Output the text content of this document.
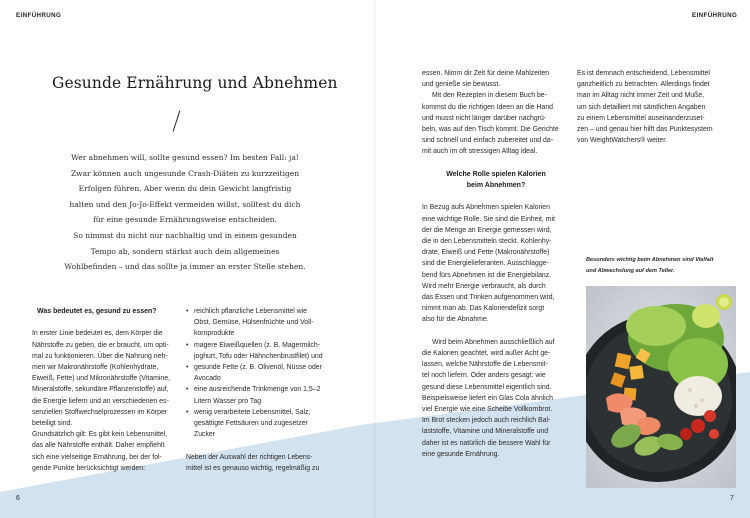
EINFÜHRUNG	EINFÜHRUNG
Gesunde Ernährung und Abnehmen
Wer abnehmen will, sollte gesund essen? Im besten Fall: ja!
Zwar können auch ungesunde Crash-Diäten zu kurzzeitigen
Erfolgen führen. Aber wenn du dein Gewicht langfristig
halten und den Jo-Jo-Effekt vermeiden willst, solltest du dich
für eine gesunde Ernährungsweise entscheiden.
So nimmst du nicht nur nachhaltig und in einem gesunden
Tempo ab, sondern stärkst auch dein allgemeines
Wohlbefinden – und das sollte ja immer an erster Stelle stehen.
Was bedeutet es, gesund zu essen?
In erster Linie bedeutet es, dem Körper die
Nährstoffe zu geben, die er braucht, um opti-
mal zu funktionieren. Über die Nahrung neh-
men wir Makronährstoffe (Kohlenhydrate,
Eiweiß, Fette) und Mikronährstoffe (Vitamine,
Mineralstoffe, sekundäre Pflanzenstoffe) auf,
die Energie liefern und an verschiedenen es-
senziellen Stoffwechselprozessen im Körper
beteiligt sind.
Grundsätzlich gilt: Es gibt kein Lebensmittel,
das alle Nährstoffe enthält. Daher empfiehlt
sich eine vielseitige Ernährung, bei der fol-
gende Punkte berücksichtigt werden:
• reichlich pflanzliche Lebensmittel wie
Obst, Gemüse, Hülsenfrüchte und Voll-
kornprodukte
• magere Eiweißquellen (z. B. Magermilch-
joghurt, Tofu oder Hähnchenbrustfilet) und
• gesunde Fette (z. B. Olivenöl, Nüsse oder
Avocado
• eine ausreichende Trinkmenge von 1,5–2
Litern Wasser pro Tag
• wenig verarbeitete Lebensmittel, Salz,
gesättigte Fettsäuren und zugesetzer
Zucker
Neben der Auswahl der richtigen Lebens-
mittel ist es genauso wichtig, regelmäßig zu
essen. Nimm dir Zeit für deine Mahlzeiten
und genieße sie bewusst.
Mit den Rezepten in diesem Buch be-
kommst du die richtigen Ideen an die Hand
und musst nicht länger darüber nachgrü-
beln, was auf den Tisch kommt. Die Gerichte
sind schnell und einfach zubereitet und da-
mit auch im oft stressigen Alltag ideal.
Welche Rolle spielen Kalorien
beim Abnehmen?
In Bezug aufs Abnehmen spielen Kalorien
eine wichtige Rolle. Sie sind die Einheit, mit
der die Menge an Energie gemessen wird,
die in den Lebensmitteln steckt. Kohlenhy-
drate, Eiweiß und Fette (Makronährstoffe)
sind die Energielieferanten. Ausschlagge-
bend fürs Abnehmen ist die Energiebilanz.
Wird mehr Energie verbraucht, als durch
das Essen und Trinken aufgenommen wird,
nimmt man ab. Das Kaloriendefizit sorgt
also für die Abnahme.
Wird beim Abnehmen ausschließlich auf
die Kalorien geachtet, wird außer Acht ge-
lassen, welche Nährstoffe die Lebensmit-
tel noch liefern. Oder anders gesagt: wie
gesund diese Lebensmittel eigentlich sind.
Beispielsweise liefert ein Glas Cola ähnlich
viel Energie wie eine Scheibe Vollkornbrot.
Im Brot stecken jedoch auch reichlich Bal-
laststoffe, Vitamine und Mineralstoffe und
daher ist es natürlich die bessere Wahl für
eine gesunde Ernährung.
Es ist demnach entscheidend, Lebensmittel
ganzheitlich zu betrachten. Allerdings findet
man im Alltag nicht immer Zeit und Muße,
um sich detailliert mit sämtlichen Angaben
zu einem Lebensmittel auseinanderzuset-
zen – und genau hier hilft das Punktesystem
von WeightWatchers® weiter.
Besonders wichtig beim Abnehmen sind Vielfalt
und Abwechslung auf dem Teller.
6	7
